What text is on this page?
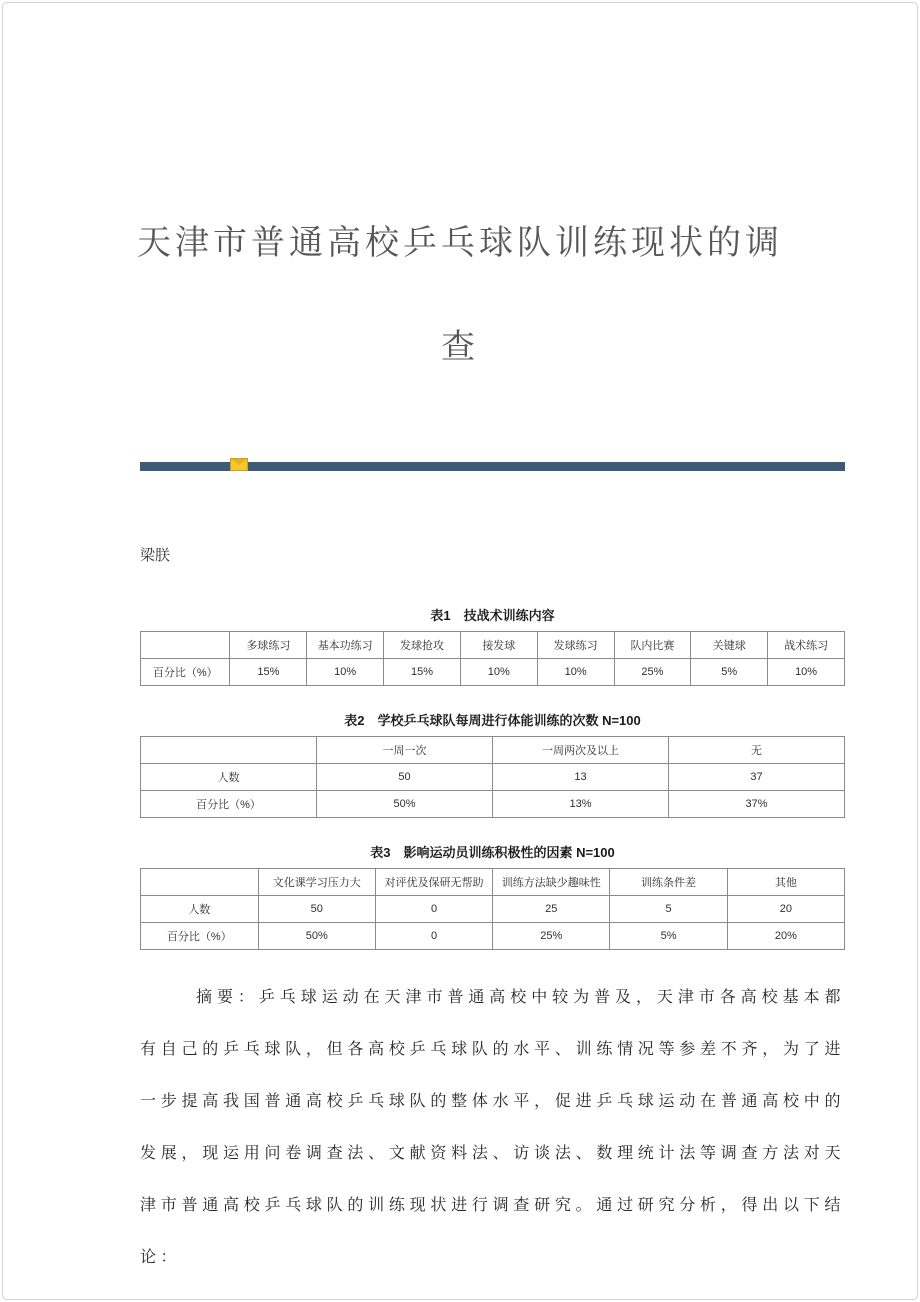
天津市普通高校乒乓球队训练现状的调
查
梁朕
表1　技战术训练内容
	多球练习	基本功练习	发球抢攻	接发球	发球练习	队内比赛	关键球	战术练习
百分比（%）	15%	10%	15%	10%	10%	25%	5%	10%
表2　学校乒乓球队每周进行体能训练的次数 N=100
	一周一次	一周两次及以上	无
人数	50	13	37
百分比（%）	50%	13%	37%
表3　影响运动员训练积极性的因素 N=100
	文化课学习压力大	对评优及保研无帮助	训练方法缺少趣味性	训练条件差	其他
人数	50	0	25	5	20
百分比（%）	50%	0	25%	5%	20%

摘要：乒乓球运动在天津市普通高校中较为普及，天津市各高校基本都有自己的乒乓球队，但各高校乒乓球队的水平、训练情况等参差不齐，为了进一步提高我国普通高校乒乓球队的整体水平，促进乒乓球运动在普通高校中的发展，现运用问卷调查法、文献资料法、访谈法、数理统计法等调查方法对天津市普通高校乒乓球队的训练现状进行调查研究。通过研究分析，得出以下结论：
